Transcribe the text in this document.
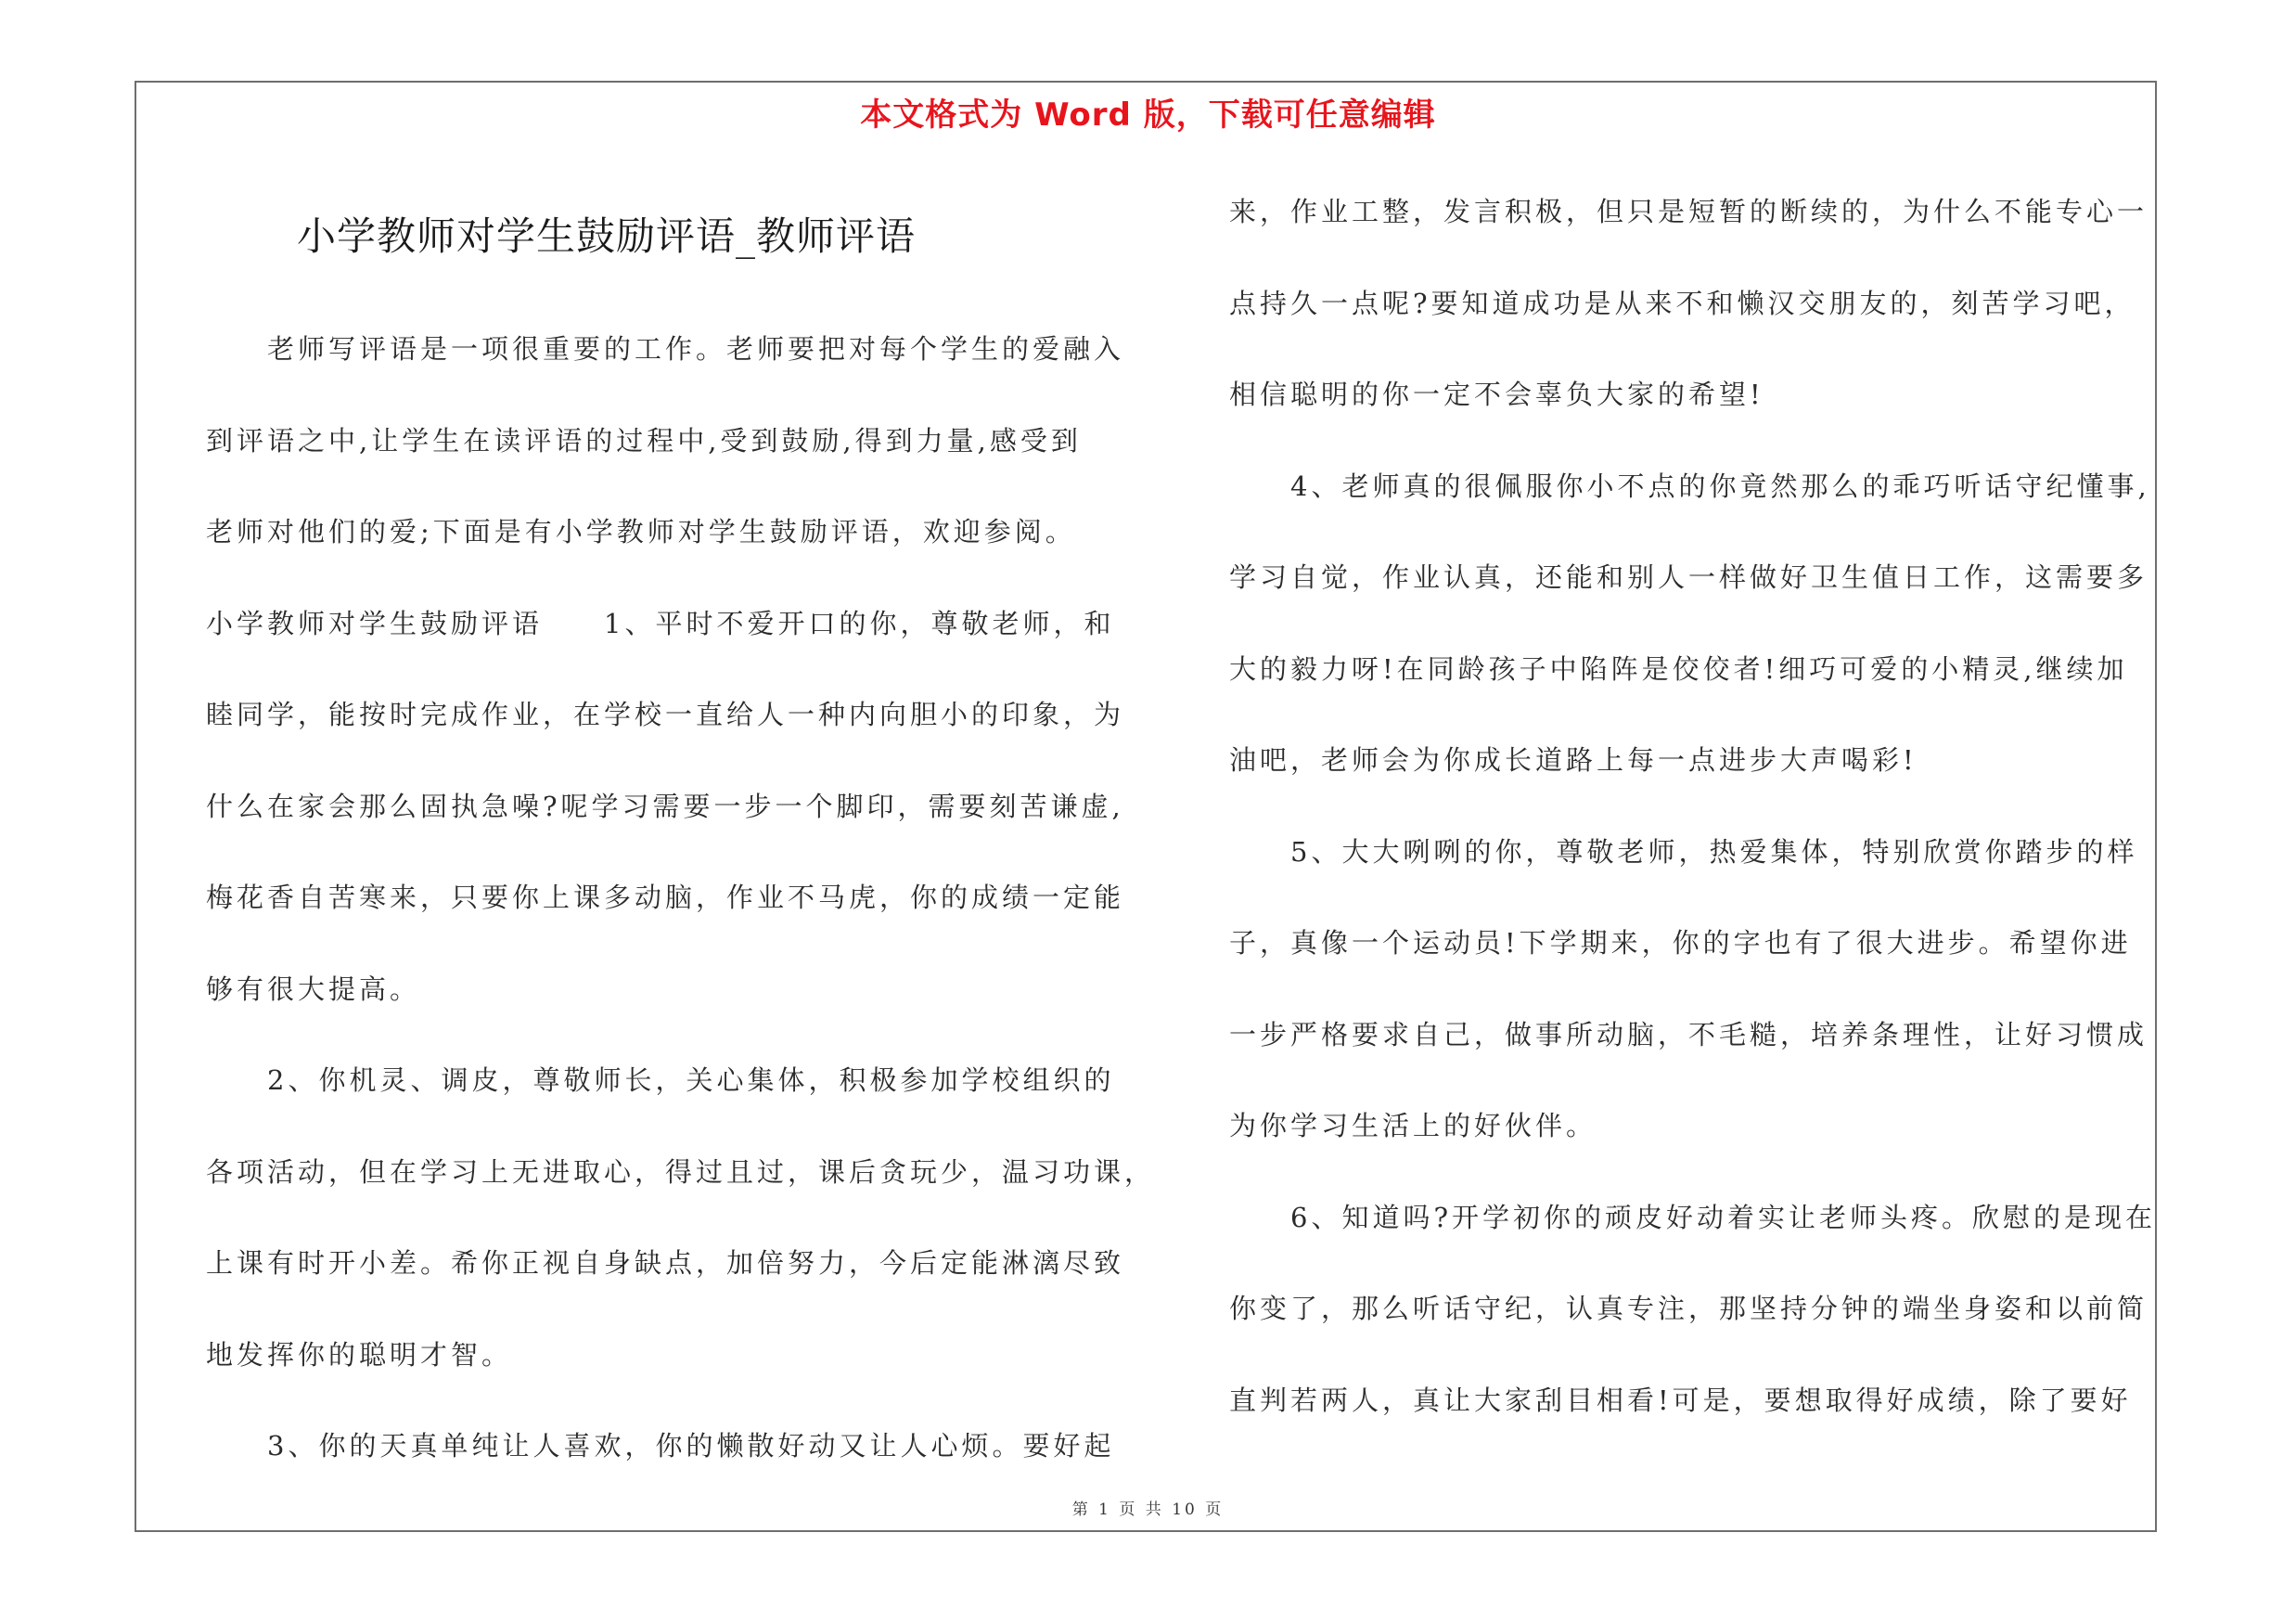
本文格式为 Word 版，下载可任意编辑
小学教师对学生鼓励评语_教师评语
　　老师写评语是一项很重要的工作。老师要把对每个学生的爱融入
到评语之中,让学生在读评语的过程中,受到鼓励,得到力量,感受到
老师对他们的爱;下面是有小学教师对学生鼓励评语，欢迎参阅。
小学教师对学生鼓励评语　　1、平时不爱开口的你，尊敬老师，和
睦同学，能按时完成作业，在学校一直给人一种内向胆小的印象，为
什么在家会那么固执急噪?呢学习需要一步一个脚印，需要刻苦谦虚,
梅花香自苦寒来，只要你上课多动脑，作业不马虎，你的成绩一定能
够有很大提高。
　　2、你机灵、调皮，尊敬师长，关心集体，积极参加学校组织的
各项活动，但在学习上无进取心，得过且过，课后贪玩少，温习功课，
上课有时开小差。希你正视自身缺点，加倍努力，今后定能淋漓尽致
地发挥你的聪明才智。
　　3、你的天真单纯让人喜欢，你的懒散好动又让人心烦。要好起
来，作业工整，发言积极，但只是短暂的断续的，为什么不能专心一
点持久一点呢?要知道成功是从来不和懒汉交朋友的，刻苦学习吧，
相信聪明的你一定不会辜负大家的希望!
　　4、老师真的很佩服你小不点的你竟然那么的乖巧听话守纪懂事,
学习自觉，作业认真，还能和别人一样做好卫生值日工作，这需要多
大的毅力呀!在同龄孩子中陷阵是佼佼者!细巧可爱的小精灵,继续加
油吧，老师会为你成长道路上每一点进步大声喝彩!
　　5、大大咧咧的你，尊敬老师，热爱集体，特别欣赏你踏步的样
子，真像一个运动员!下学期来，你的字也有了很大进步。希望你进
一步严格要求自己，做事所动脑，不毛糙，培养条理性，让好习惯成
为你学习生活上的好伙伴。
　　6、知道吗?开学初你的顽皮好动着实让老师头疼。欣慰的是现在
你变了，那么听话守纪，认真专注，那坚持分钟的端坐身姿和以前简
直判若两人，真让大家刮目相看!可是，要想取得好成绩，除了要好
第 1 页 共 10 页
